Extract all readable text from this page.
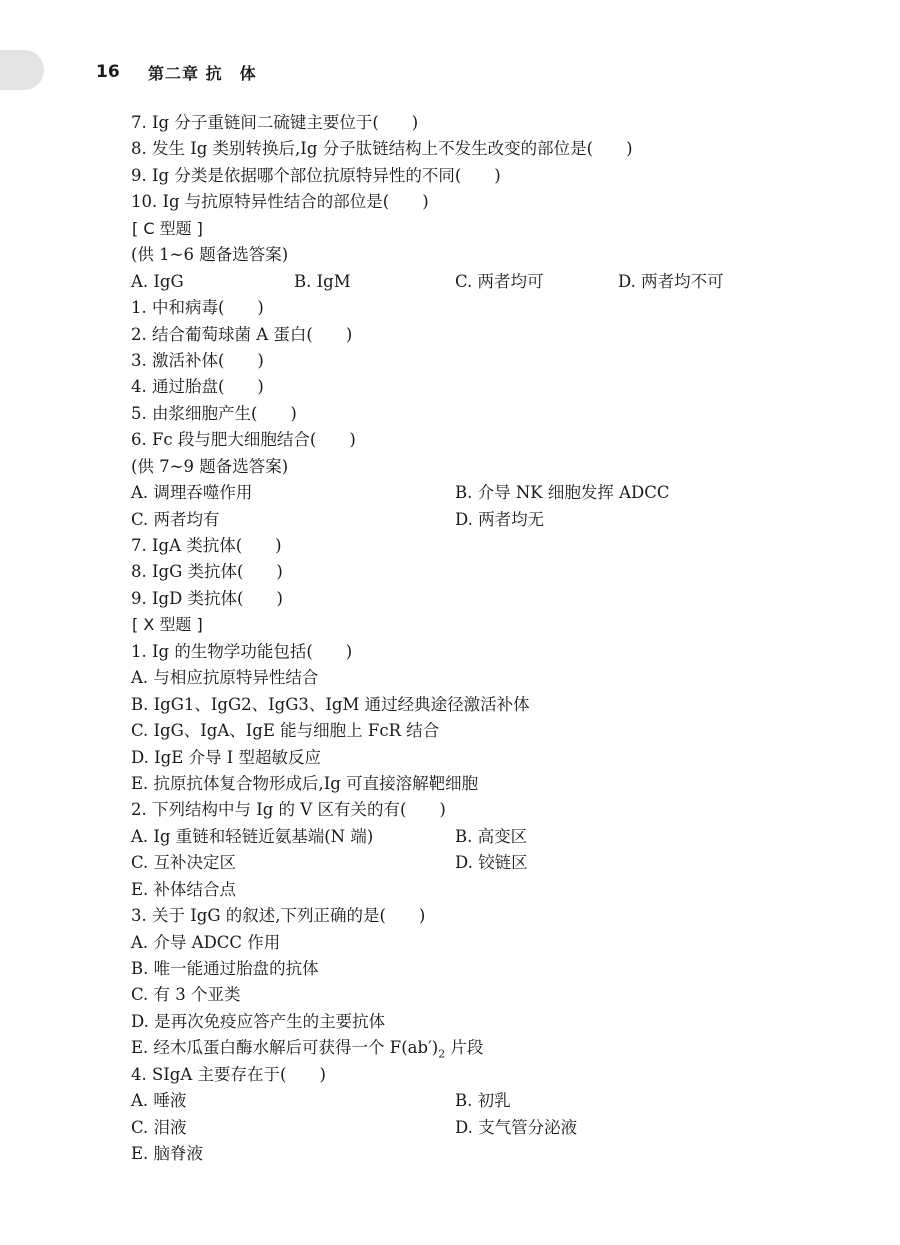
16	第二章 抗　体
7. Ig 分子重链间二硫键主要位于(　　)
8. 发生 Ig 类别转换后,Ig 分子肽链结构上不发生改变的部位是(　　)
9. Ig 分类是依据哪个部位抗原特异性的不同(　　)
10. Ig 与抗原特异性结合的部位是(　　)
[ C 型题 ]
(供 1~6 题备选答案)
A. IgG	B. IgM	C. 两者均可	D. 两者均不可
1. 中和病毒(　　)
2. 结合葡萄球菌 A 蛋白(　　)
3. 激活补体(　　)
4. 通过胎盘(　　)
5. 由浆细胞产生(　　)
6. Fc 段与肥大细胞结合(　　)
(供 7~9 题备选答案)
A. 调理吞噬作用	B. 介导 NK 细胞发挥 ADCC
C. 两者均有	D. 两者均无
7. IgA 类抗体(　　)
8. IgG 类抗体(　　)
9. IgD 类抗体(　　)
[ X 型题 ]
1. Ig 的生物学功能包括(　　)
A. 与相应抗原特异性结合
B. IgG1、IgG2、IgG3、IgM 通过经典途径激活补体
C. IgG、IgA、IgE 能与细胞上 FcR 结合
D. IgE 介导 Ⅰ 型超敏反应
E. 抗原抗体复合物形成后,Ig 可直接溶解靶细胞
2. 下列结构中与 Ig 的 V 区有关的有(　　)
A. Ig 重链和轻链近氨基端(N 端)	B. 高变区
C. 互补决定区	D. 铰链区
E. 补体结合点
3. 关于 IgG 的叙述,下列正确的是(　　)
A. 介导 ADCC 作用
B. 唯一能通过胎盘的抗体
C. 有 3 个亚类
D. 是再次免疫应答产生的主要抗体
E. 经木瓜蛋白酶水解后可获得一个 $F(ab')_2$ 片段
4. SIgA 主要存在于(　　)
A. 唾液	B. 初乳
C. 泪液	D. 支气管分泌液
E. 脑脊液
